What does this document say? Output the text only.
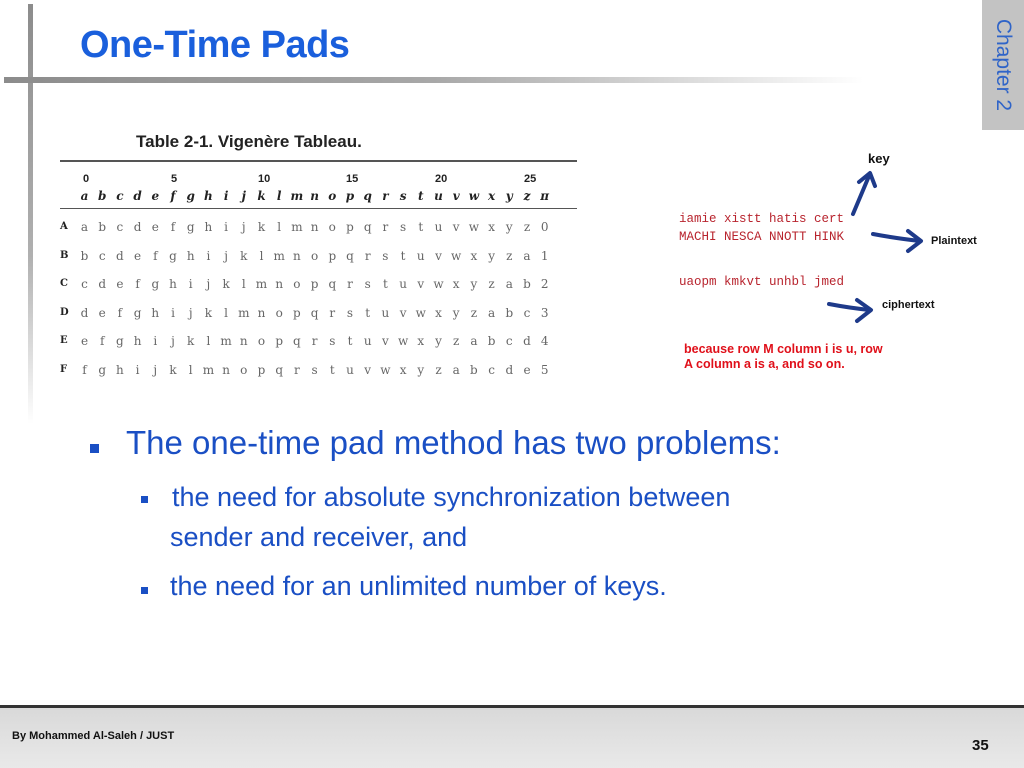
One-Time Pads	Chapter 2
Table 2-1. Vigenère Tableau.
0	5	10	15	20	25
a b c d e f g h i	j k l m n o p q r s t u v w x y z π
A	a b c d e f g h i	j	k	l m n o p q r s	t u v w x y z 0
B	b c d e f g h i	j	k	l m n o p q r s	t u v w x y z a 1
C	c d e f g h i	j	k	l m n o p q r s	t u v w x y z a b 2
D d e f g h i	j	k	l m n o p q r s	t u v w x y z a b c 3
E	e f g h i	j	k	l m n o p q r s	t u v w x y z a b c d 4
F	f g h i	j	k	l m n o p q r s	t u v w x y z a b c d e 5
key
iamie xistt hatis cert
MACHI NESCA NNOTT HINK	Plaintext
uaopm kmkvt unhbl jmed
ciphertext
because row M column i is u, row
A column a is a, and so on.
The one-time pad method has two problems:
the need for absolute synchronization between
sender and receiver, and
the need for an unlimited number of keys.
By Mohammed Al-Saleh / JUST
35
